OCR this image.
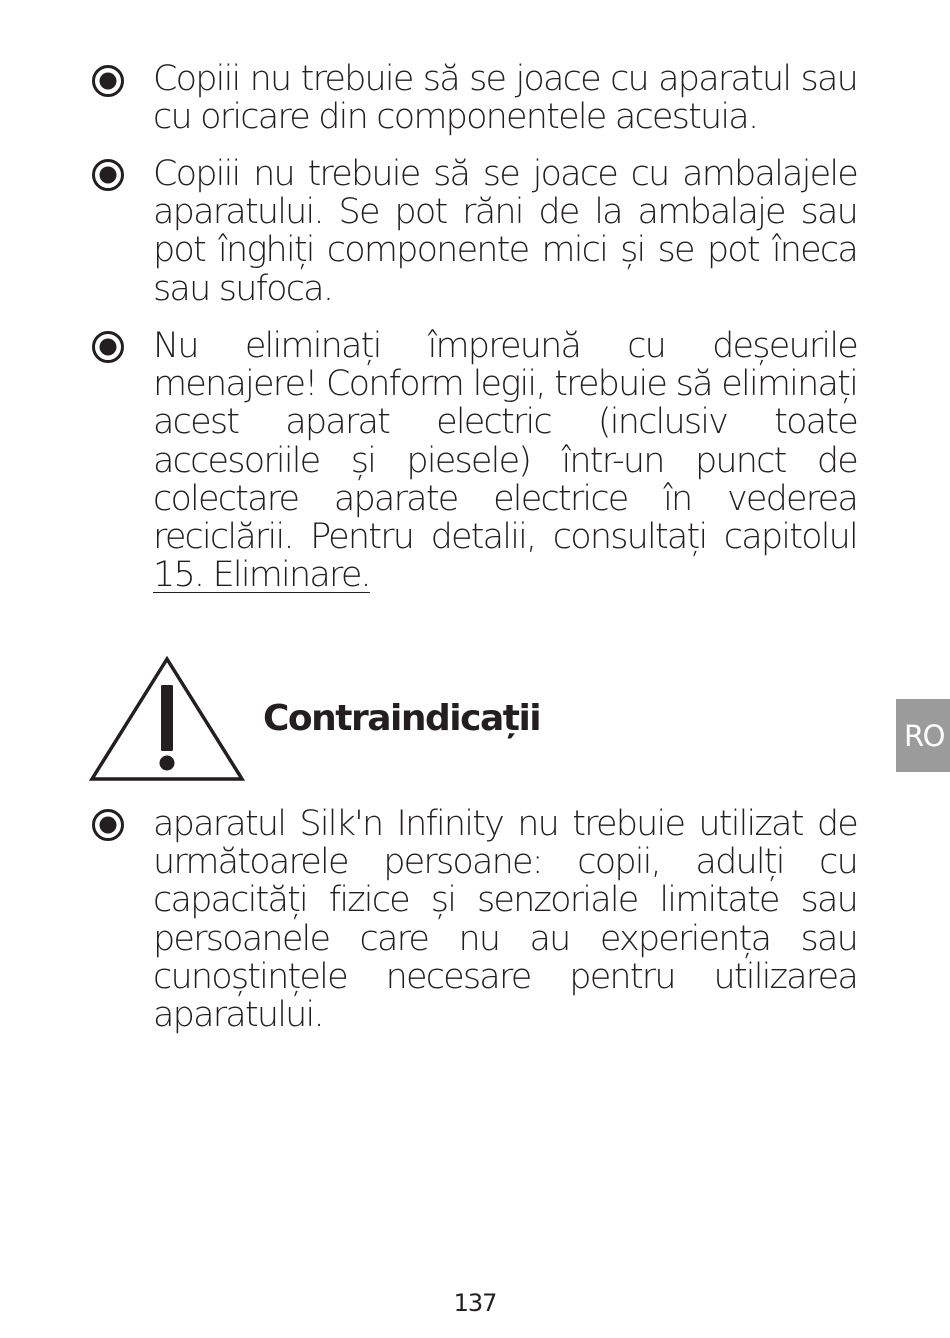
Copiii nu trebuie să se joace cu aparatul sau cu oricare din componentele acestuia.

Copiii nu trebuie să se joace cu ambalajele aparatului. Se pot răni de la ambalaje sau pot înghiți componente mici și se pot îneca sau sufoca.

Nu eliminați împreună cu deșeurile menajere! Conform legii, trebuie să eliminați acest aparat electric (inclusiv toate accesoriile și piesele) într-un punct de colectare aparate electrice în vederea reciclării. Pentru detalii, consultați capitolul 15. Eliminare.

Contraindicații	RO

aparatul Silk'n Infinity nu trebuie utilizat de următoarele persoane: copii, adulți cu capacități fizice și senzoriale limitate sau persoanele care nu au experiența sau cunoștințele necesare pentru utilizarea aparatului.

137
